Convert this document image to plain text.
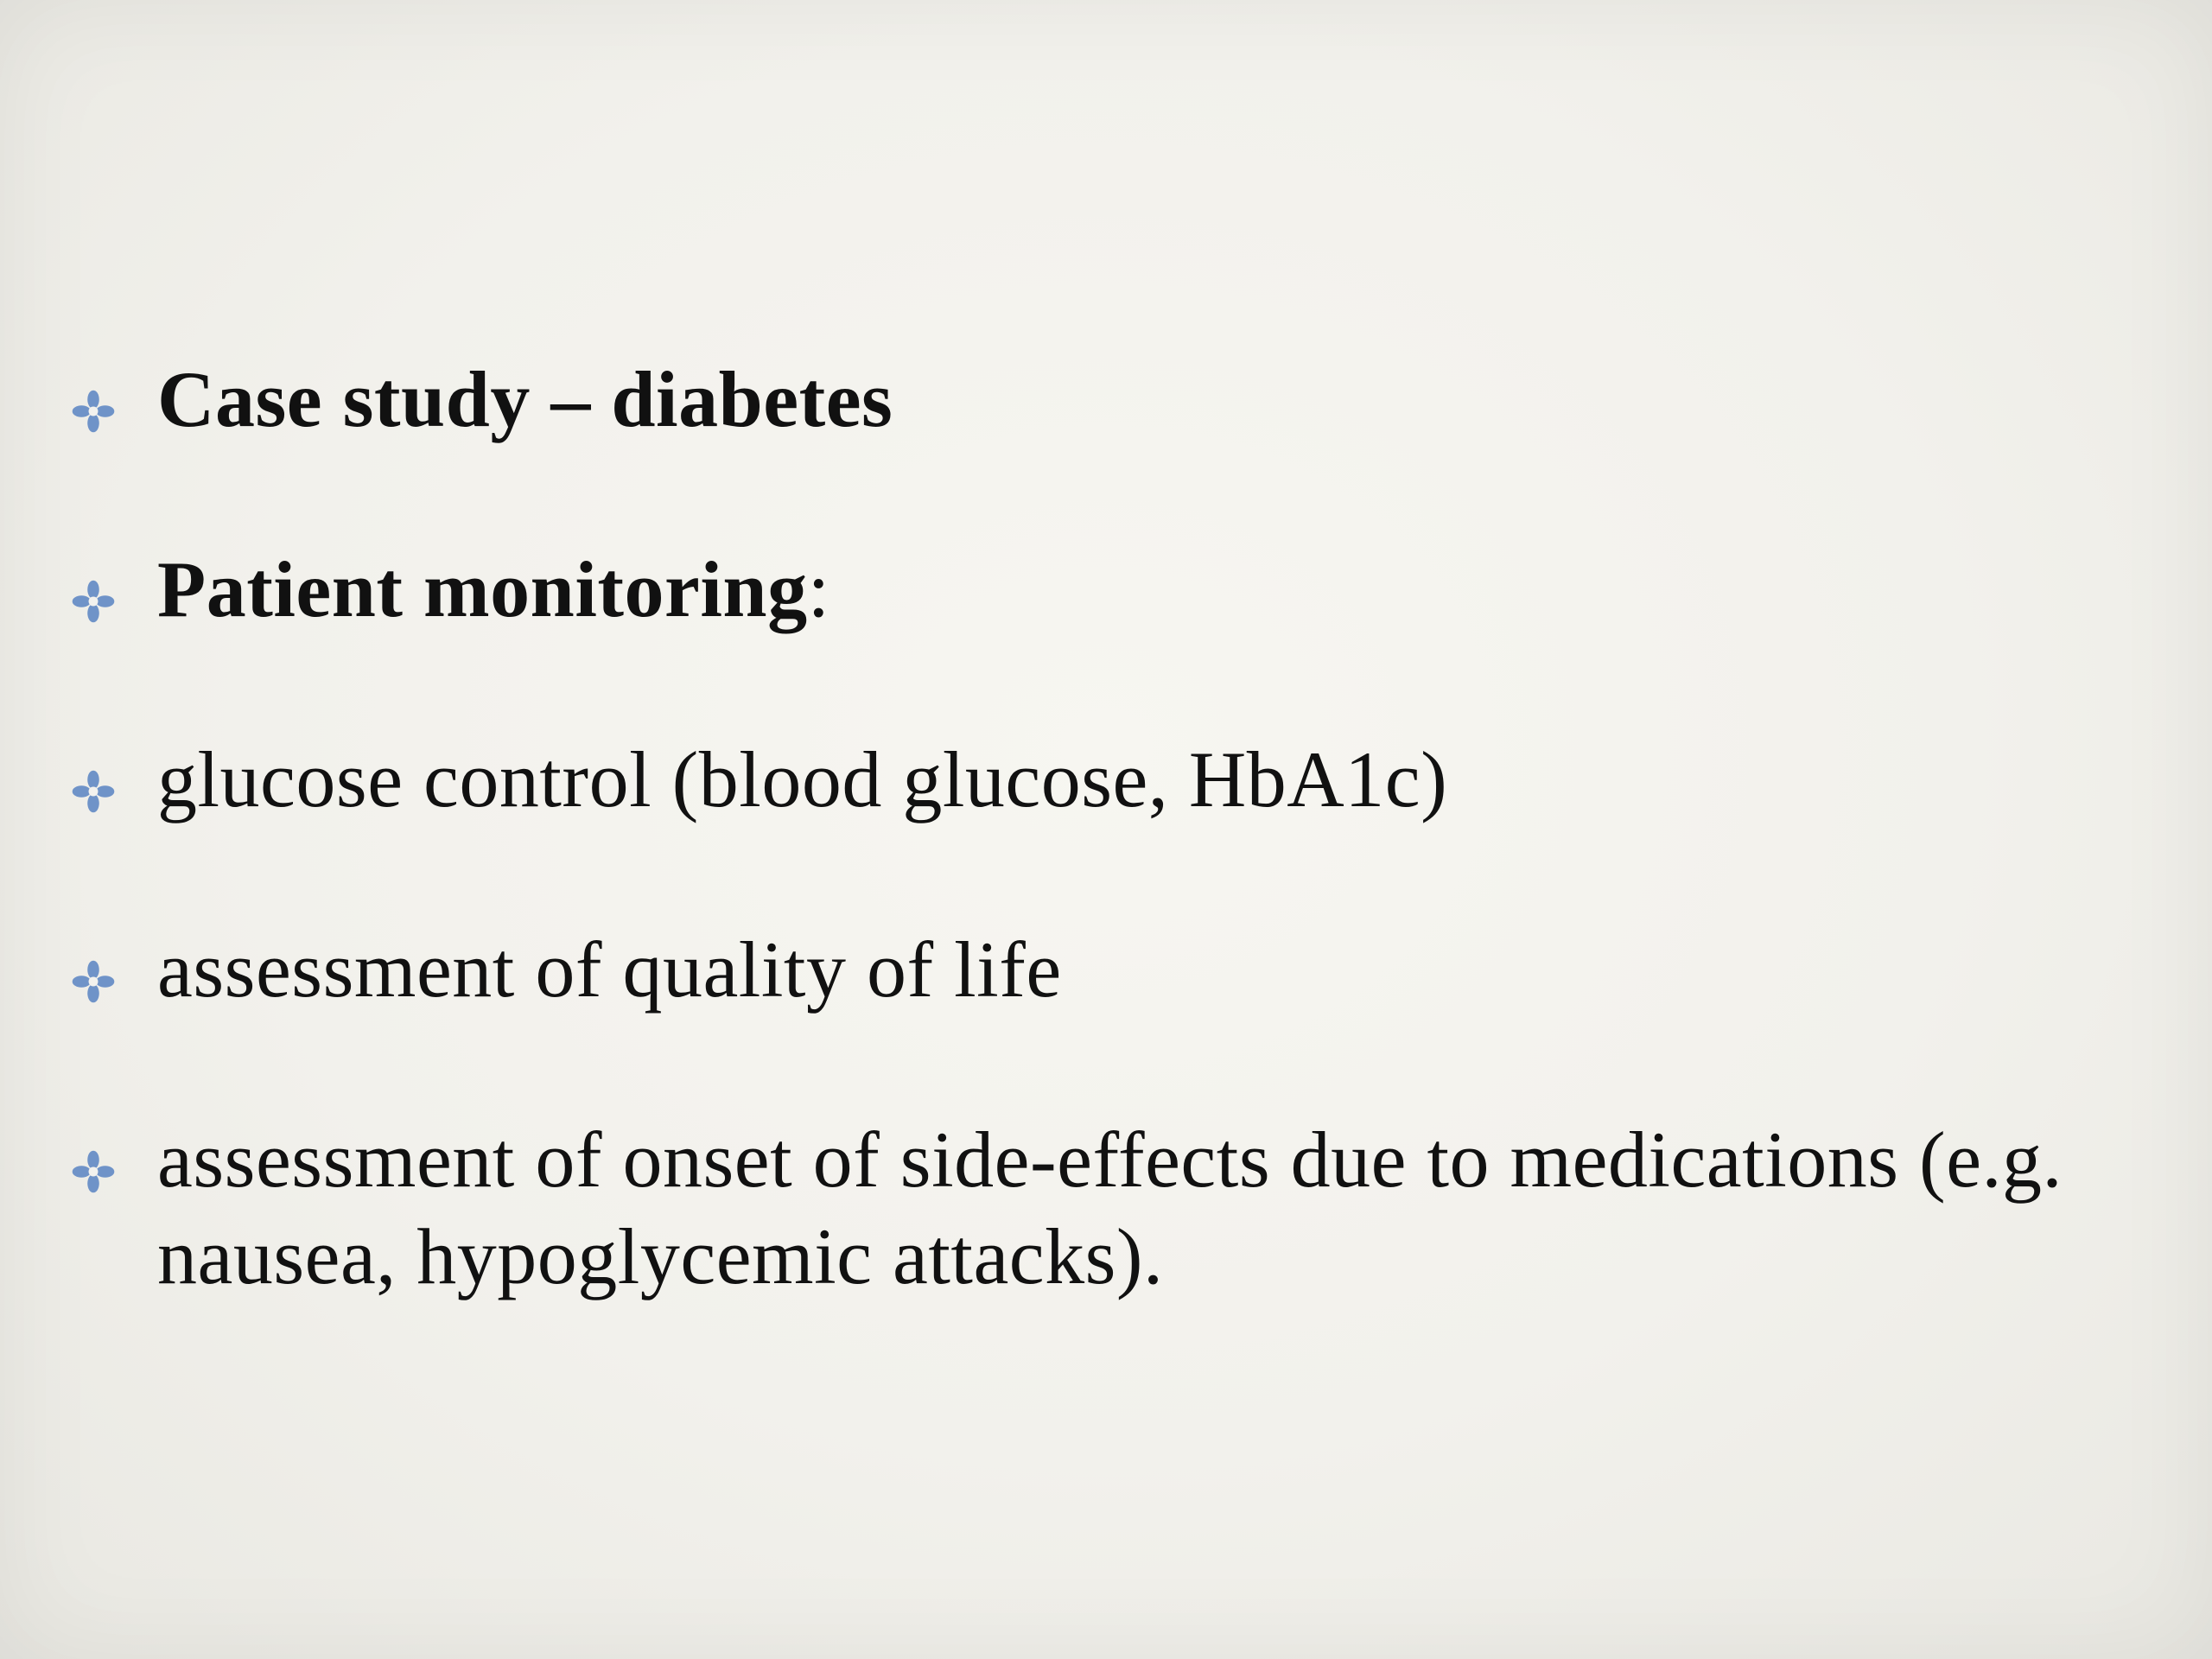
Case study – diabetes
Patient monitoring:
glucose control (blood glucose, HbA1c)
assessment of quality of life
assessment of onset of side-effects due to medications (e.g. nausea, hypoglycemic attacks).
